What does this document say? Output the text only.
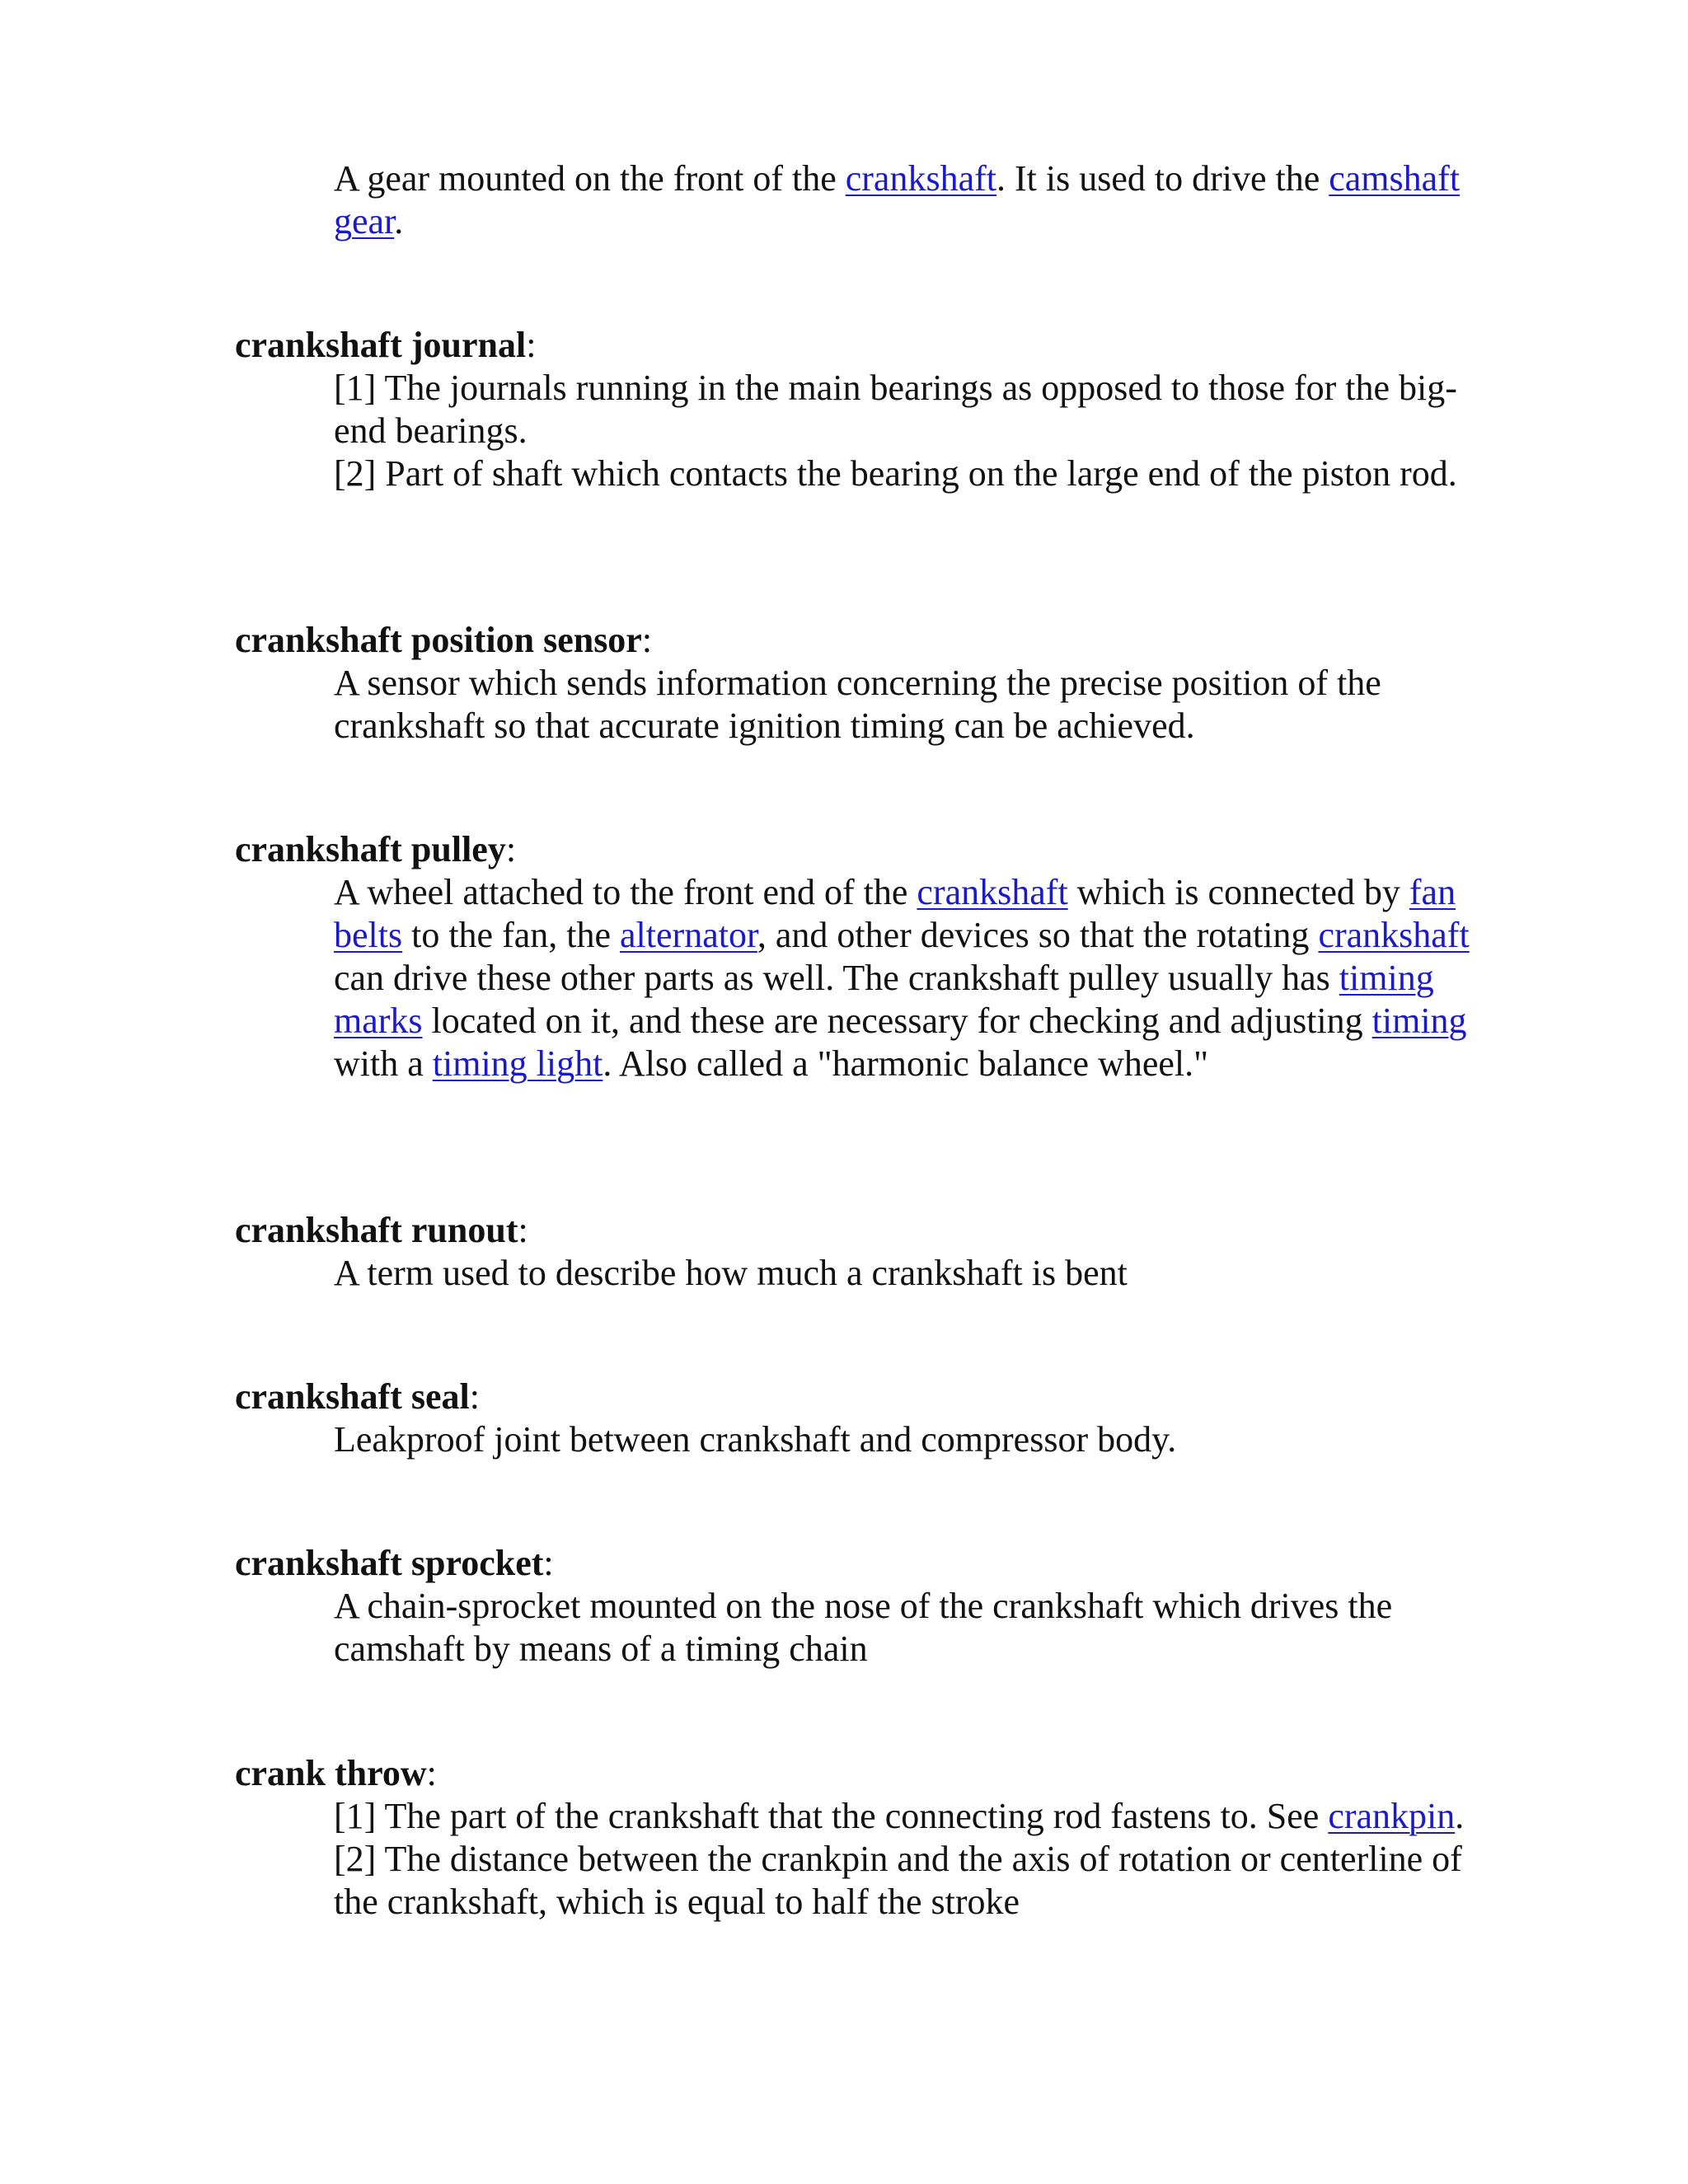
A gear mounted on the front of the crankshaft. It is used to drive the camshaft gear.

crankshaft journal:

[1] The journals running in the main bearings as opposed to those for the big-end bearings.
[2] Part of shaft which contacts the bearing on the large end of the piston rod.

crankshaft position sensor:

A sensor which sends information concerning the precise position of the crankshaft so that accurate ignition timing can be achieved.

crankshaft pulley:

A wheel attached to the front end of the crankshaft which is connected by fan belts to the fan, the alternator, and other devices so that the rotating crankshaft can drive these other parts as well. The crankshaft pulley usually has timing marks located on it, and these are necessary for checking and adjusting timing with a timing light. Also called a "harmonic balance wheel."

crankshaft runout:

A term used to describe how much a crankshaft is bent

crankshaft seal:

Leakproof joint between crankshaft and compressor body.

crankshaft sprocket:

A chain-sprocket mounted on the nose of the crankshaft which drives the camshaft by means of a timing chain

crank throw:

[1] The part of the crankshaft that the connecting rod fastens to. See crankpin.
[2] The distance between the crankpin and the axis of rotation or centerline of the crankshaft, which is equal to half the stroke
